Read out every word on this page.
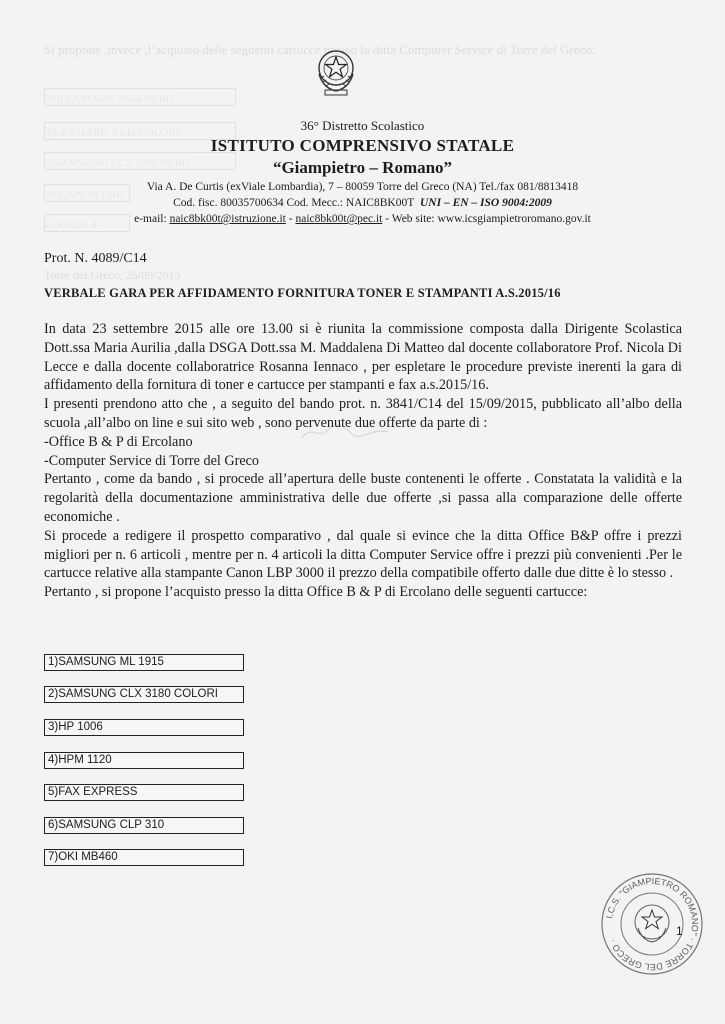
Si propone ,invece ,l’acquisto delle seguenti cartucce presso la ditta Computer Service di Torre del Greco:
24)LEXMARK X644 NERO
3)LEXMARK X644 COLORE
4)SAMSUNG CLX 3180 NERO
10)CANON LBP
11)OKI B 4
Torre del Greco, 25/09/2015
36° Distretto Scolastico
ISTITUTO COMPRENSIVO STATALE
“Giampietro – Romano”
Via A. De Curtis (exViale Lombardia), 7 – 80059 Torre del Greco (NA) Tel./fax 081/8813418
Cod. fisc. 80035700634 Cod. Mecc.: NAIC8BK00T UNI – EN – ISO 9004:2009
e-mail: naic8bk00t@istruzione.it - naic8bk00t@pec.it - Web site: www.icsgiampietroromano.gov.it
Prot. N. 4089/C14
VERBALE GARA PER AFFIDAMENTO FORNITURA TONER E STAMPANTI A.S.2015/16

In data 23 settembre 2015 alle ore 13.00 si è riunita la commissione composta dalla Dirigente Scolastica Dott.ssa Maria Aurilia ,dalla DSGA Dott.ssa M. Maddalena Di Matteo dal docente collaboratore Prof. Nicola Di Lecce e dalla docente collaboratrice Rosanna Iennaco , per espletare le procedure previste inerenti la gara di affidamento della fornitura di toner e cartucce per stampanti e fax a.s.2015/16.

I presenti prendono atto che , a seguito del bando prot. n. 3841/C14 del 15/09/2015, pubblicato all’albo della scuola ,all’albo on line e sui sito web , sono pervenute due offerte da parte di :

-Office B & P di Ercolano

-Computer Service di Torre del Greco

Pertanto , come da bando , si procede all’apertura delle buste contenenti le offerte . Constatata la validità e la regolarità della documentazione amministrativa delle due offerte ,si passa alla comparazione delle offerte economiche .

Si procede a redigere il prospetto comparativo , dal quale si evince che la ditta Office B&P offre i prezzi migliori per n. 6 articoli , mentre per n. 4 articoli la ditta Computer Service offre i prezzi più convenienti .Per le cartucce relative alla stampante Canon LBP 3000 il prezzo della compatibile offerto dalle due ditte è lo stesso .

Pertanto , si propone l’acquisto presso la ditta Office B & P di Ercolano delle seguenti cartucce:

1)SAMSUNG ML 1915
2)SAMSUNG CLX 3180 COLORI
3)HP 1006
4)HPM 1120
5)FAX EXPRESS
6)SAMSUNG CLP 310
7)OKI MB460
I.C.S. "GIAMPIETRO ROMANO" · TORRE DEL GRECO ·
1
